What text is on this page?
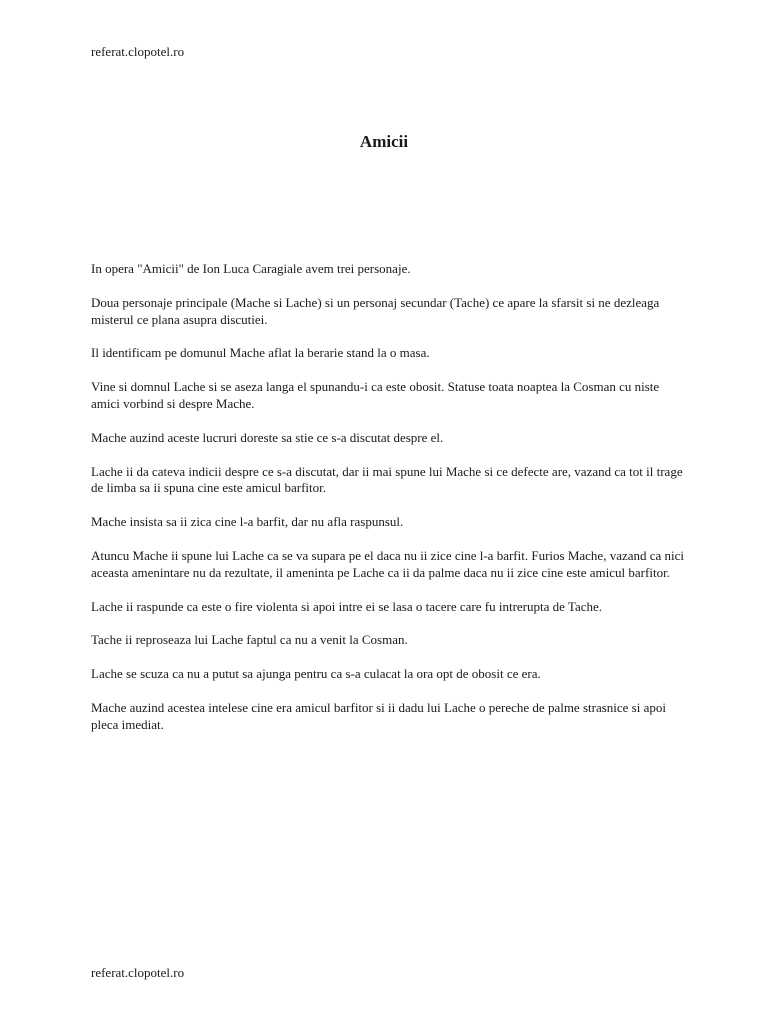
referat.clopotel.ro
Amicii

In opera "Amicii" de Ion Luca Caragiale avem trei personaje.

Doua personaje principale (Mache si Lache) si un personaj secundar (Tache) ce apare la sfarsit si ne dezleaga misterul ce plana asupra discutiei.

Il identificam pe domunul Mache aflat la berarie stand la o masa.

Vine si domnul Lache si se aseza langa el spunandu-i ca este obosit. Statuse toata noaptea la Cosman cu niste amici vorbind si despre Mache.

Mache auzind aceste lucruri doreste sa stie ce s-a discutat despre el.

Lache ii da cateva indicii despre ce s-a discutat, dar ii mai spune lui Mache si ce defecte are, vazand ca tot il trage de limba sa ii spuna cine este amicul barfitor.

Mache insista sa ii zica cine l-a barfit, dar nu afla raspunsul.

Atuncu Mache ii spune lui Lache ca se va supara pe el daca nu ii zice cine l-a barfit. Furios Mache, vazand ca nici aceasta amenintare nu da rezultate, il ameninta pe Lache ca ii da palme daca nu ii zice cine este amicul barfitor.

Lache ii raspunde ca este o fire violenta si apoi intre ei se lasa o tacere care fu intrerupta de Tache.

Tache ii reproseaza lui Lache faptul ca nu a venit la Cosman.

Lache se scuza ca nu a putut sa ajunga pentru ca s-a culacat la ora opt de obosit ce era.

Mache auzind acestea intelese cine era amicul barfitor si ii dadu lui Lache o pereche de palme strasnice si apoi pleca imediat.

referat.clopotel.ro
